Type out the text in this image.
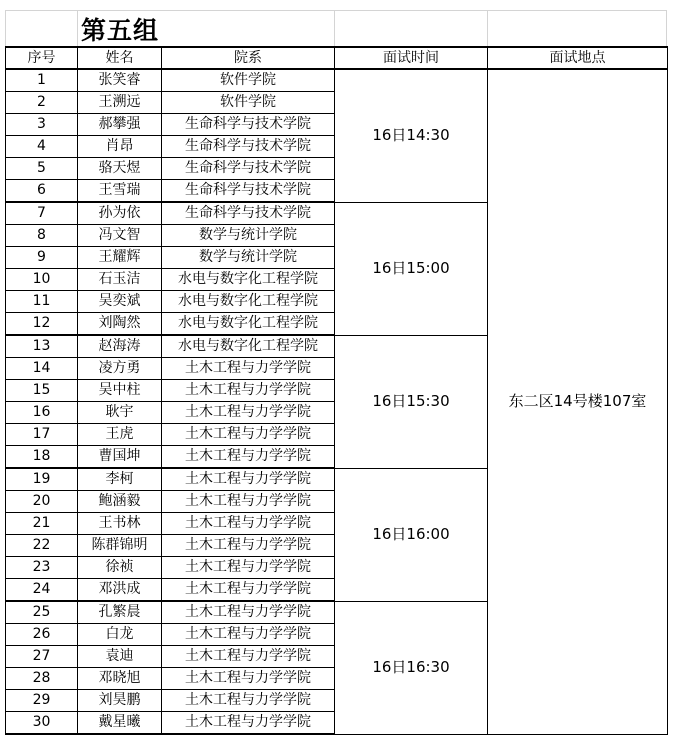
第五组
序号	姓名	院系	面试时间	面试地点
1	张笑睿	软件学院	16日14:30	东二区14号楼107室
2	王溯远	软件学院		
3	郝攀强	生命科学与技术学院		
4	肖昂	生命科学与技术学院		
5	骆天煜	生命科学与技术学院		
6	王雪瑞	生命科学与技术学院		
7	孙为依	生命科学与技术学院	16日15:00	
8	冯文智	数学与统计学院		
9	王耀辉	数学与统计学院		
10	石玉洁	水电与数字化工程学院		
11	吴奕斌	水电与数字化工程学院		
12	刘陶然	水电与数字化工程学院		
13	赵海涛	水电与数字化工程学院	16日15:30	
14	凌方勇	土木工程与力学学院		
15	吴中柱	土木工程与力学学院		
16	耿宇	土木工程与力学学院		
17	王虎	土木工程与力学学院		
18	曹国坤	土木工程与力学学院		
19	李柯	土木工程与力学学院	16日16:00	
20	鲍涵毅	土木工程与力学学院		
21	王书林	土木工程与力学学院		
22	陈群锦明	土木工程与力学学院		
23	徐祯	土木工程与力学学院		
24	邓洪成	土木工程与力学学院		
25	孔繁晨	土木工程与力学学院	16日16:30	
26	白龙	土木工程与力学学院		
27	袁迪	土木工程与力学学院		
28	邓晓旭	土木工程与力学学院		
29	刘昊鹏	土木工程与力学学院		
30	戴星曦	土木工程与力学学院		
